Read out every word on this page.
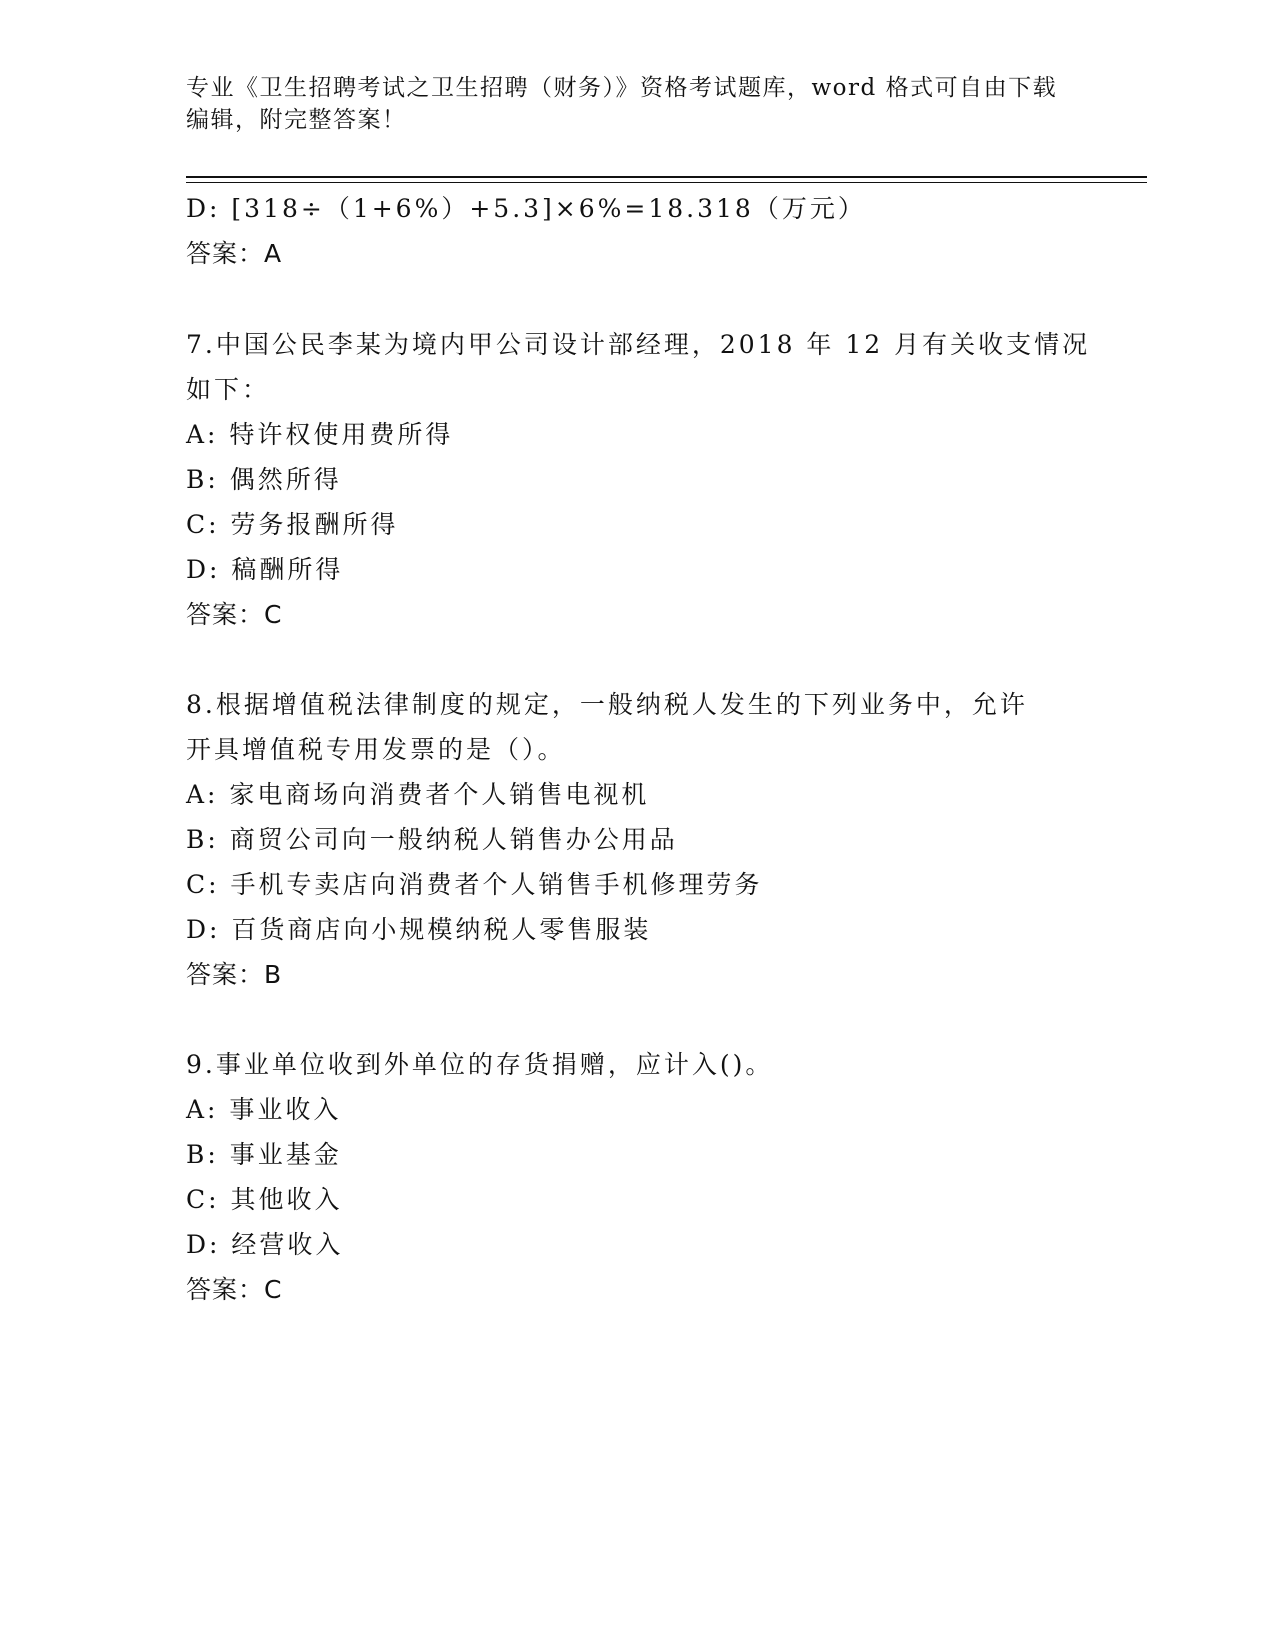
专业《卫生招聘考试之卫生招聘（财务）》资格考试题库，word 格式可自由下载
编辑，附完整答案！
D: [318÷（1+6%）+5.3]×6%=18.318（万元）
答案：A
7.中国公民李某为境内甲公司设计部经理，2018 年 12 月有关收支情况
如下：
A: 特许权使用费所得
B: 偶然所得
C: 劳务报酬所得
D: 稿酬所得
答案：C
8.根据增值税法律制度的规定，一般纳税人发生的下列业务中，允许
开具增值税专用发票的是（）。
A: 家电商场向消费者个人销售电视机
B: 商贸公司向一般纳税人销售办公用品
C: 手机专卖店向消费者个人销售手机修理劳务
D: 百货商店向小规模纳税人零售服装
答案：B
9.事业单位收到外单位的存货捐赠，应计入()。
A: 事业收入
B: 事业基金
C: 其他收入
D: 经营收入
答案：C
